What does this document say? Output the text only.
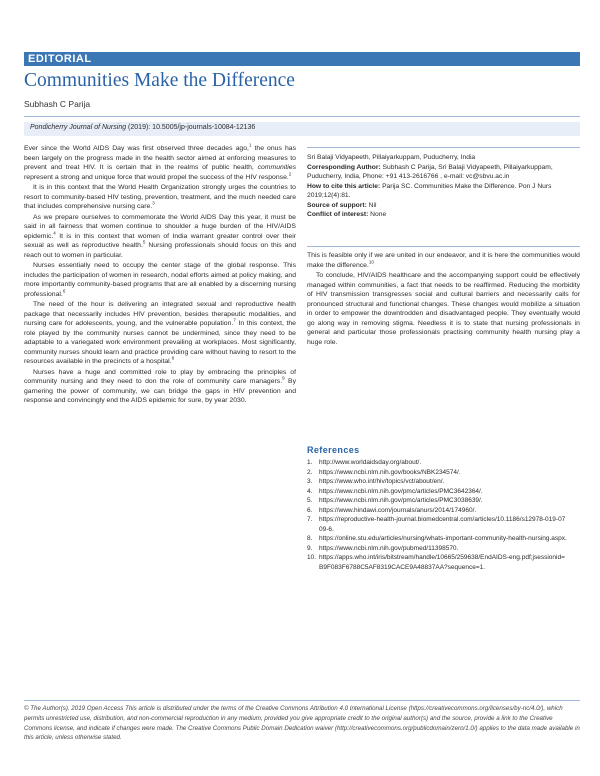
EDITORIAL
Communities Make the Difference
Subhash C Parija
Pondicherry Journal of Nursing (2019): 10.5005/jp-journals-10084-12136

Ever since the World AIDS Day was first observed three decades ago,$^1$ the onus has been largely on the progress made in the health sector aimed at enforcing measures to prevent and treat HIV. It is certain that in the realms of public health, communities represent a strong and unique force that would propel the success of the HIV response.$^2$

It is in this context that the World Health Organization strongly urges the countries to resort to community-based HIV testing, prevention, treatment, and the much needed care that includes comprehensive nursing care.$^3$

As we prepare ourselves to commemorate the World AIDS Day this year, it must be said in all fairness that women continue to shoulder a huge burden of the HIV/AIDS epidemic.$^4$ It is in this context that women of India warrant greater control over their sexual as well as reproductive health.$^5$ Nursing professionals should focus on this and reach out to women in particular.

Nurses essentially need to occupy the center stage of the global response. This includes the participation of women in research, nodal efforts aimed at policy making, and more importantly community-based programs that are all enabled by a discerning nursing professional.$^6$

The need of the hour is delivering an integrated sexual and reproductive health package that necessarily includes HIV prevention, besides therapeutic modalities, and nursing care for adolescents, young, and the vulnerable population.$^7$ In this context, the role played by the community nurses cannot be undermined, since they need to be adaptable to a variegated work environment prevailing at workplaces. Most significantly, community nurses should learn and practice providing care without having to resort to the resources available in the precincts of a hospital.$^8$

Nurses have a huge and committed role to play by embracing the principles of community nursing and they need to don the role of community care managers.$^9$ By garnering the power of community, we can bridge the gaps in HIV prevention and response and convincingly end the AIDS epidemic for sure, by year 2030.

Sri Balaji Vidyapeeth, Pillaiyarkuppam, Puducherry, India
Corresponding Author: Subhash C Parija, Sri Balaji Vidyapeeth, Pillaiyarkuppam, Puducherry, India, Phone: +91 413-2616766 , e-mail: vc@sbvu.ac.in
How to cite this article: Parija SC. Communities Make the Difference. Pon J Nurs 2019;12(4):81.
Source of support: Nil
Conflict of interest: None

This is feasible only if we are united in our endeavor, and it is here the communities would make the difference.$^{10}$

To conclude, HIV/AIDS healthcare and the accompanying support could be effectively managed within communities, a fact that needs to be reaffirmed. Reducing the morbidity of HIV transmission transgresses social and cultural barriers and necessarily calls for pronounced structural and functional changes. These changes would mobilize a situation in order to empower the downtrodden and disadvantaged people. They eventually would go along way in removing stigma. Needless it is to state that nursing professionals in general and particular those professionals practising community health nursing play a huge role.

References
1.	http://www.worldaidsday.org/about/.
2.	https://www.ncbi.nlm.nih.gov/books/NBK234574/.
3.	https://www.who.int/hiv/topics/vct/about/en/.
4.	https://www.ncbi.nlm.nih.gov/pmc/articles/PMC3642364/.
5.	https://www.ncbi.nlm.nih.gov/pmc/articles/PMC3038639/.
6.	https://www.hindawi.com/journals/anurs/2014/174960/.
7.	https://reproductive-health-journal.biomedcentral.com/articles/10.1186/s12978-019-0709-6.
8.	https://online.stu.edu/articles/nursing/whats-important-community-health-nursing.aspx.
9.	https://www.ncbi.nlm.nih.gov/pubmed/11398570.
10. https://apps.who.int/iris/bitstream/handle/10665/259638/EndAIDS-eng.pdf;jsessionid=B9F083F6788C5AF8319CACE9A48837AA?sequence=1.
© The Author(s). 2019 Open Access This article is distributed under the terms of the Creative Commons Attribution 4.0 International License (https://creativecommons.org/licenses/by-nc/4.0/), which permits unrestricted use, distribution, and non-commercial reproduction in any medium, provided you give appropriate credit to the original author(s) and the source, provide a link to the Creative Commons license, and indicate if changes were made. The Creative Commons Public Domain Dedication waiver (http://creativecommons.org/publicdomain/zero/1.0/) applies to the data made available in this article, unless otherwise stated.
